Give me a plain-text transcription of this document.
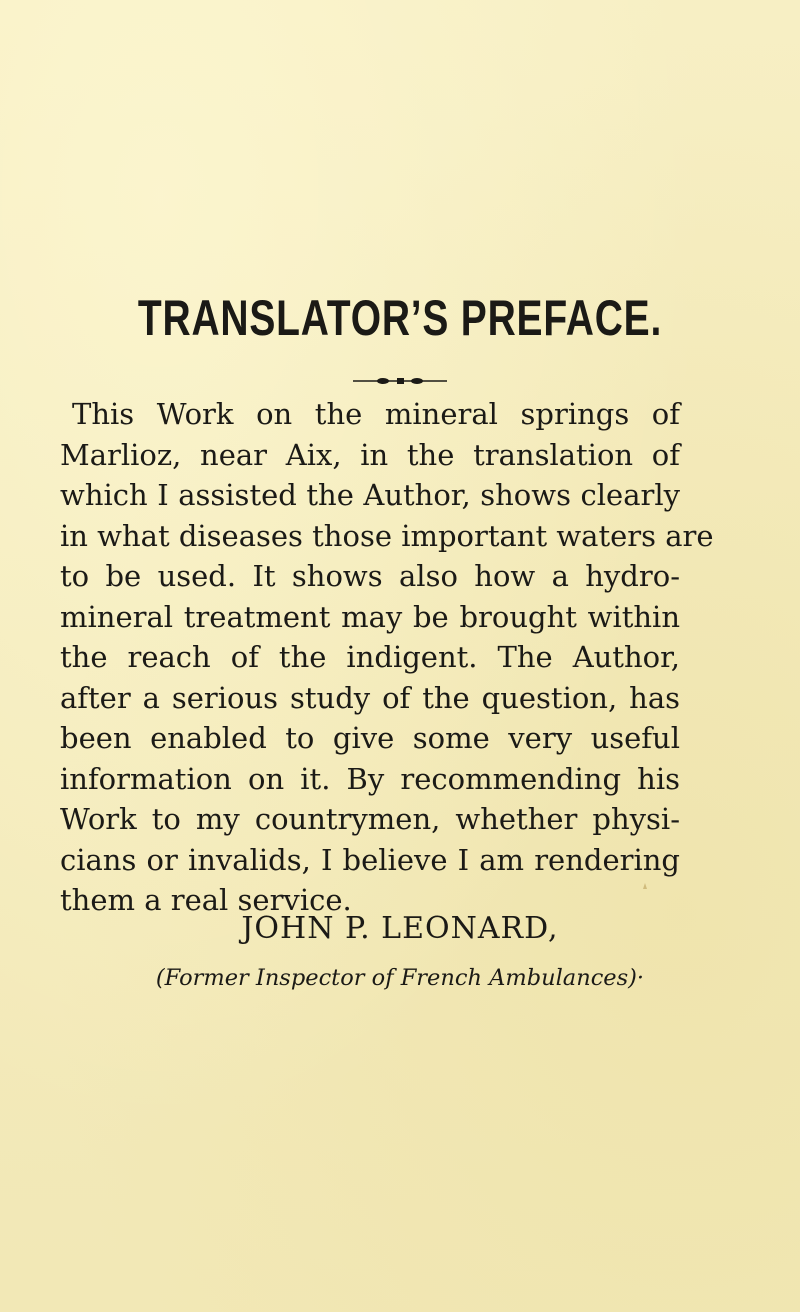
TRANSLATOR’S PREFACE.
This Work on the mineral springs of
Marlioz, near Aix, in the translation of
which I assisted the Author, shows clearly
in what diseases those important waters are
to be used. It shows also how a hydro-
mineral treatment may be brought within
the reach of the indigent. The Author,
after a serious study of the question, has
been enabled to give some very useful
information on it. By recommending his
Work to my countrymen, whether physi-
cians or invalids, I believe I am rendering
them a real service.

JOHN P. LEONARD,

(Former Inspector of French Ambulances)·
